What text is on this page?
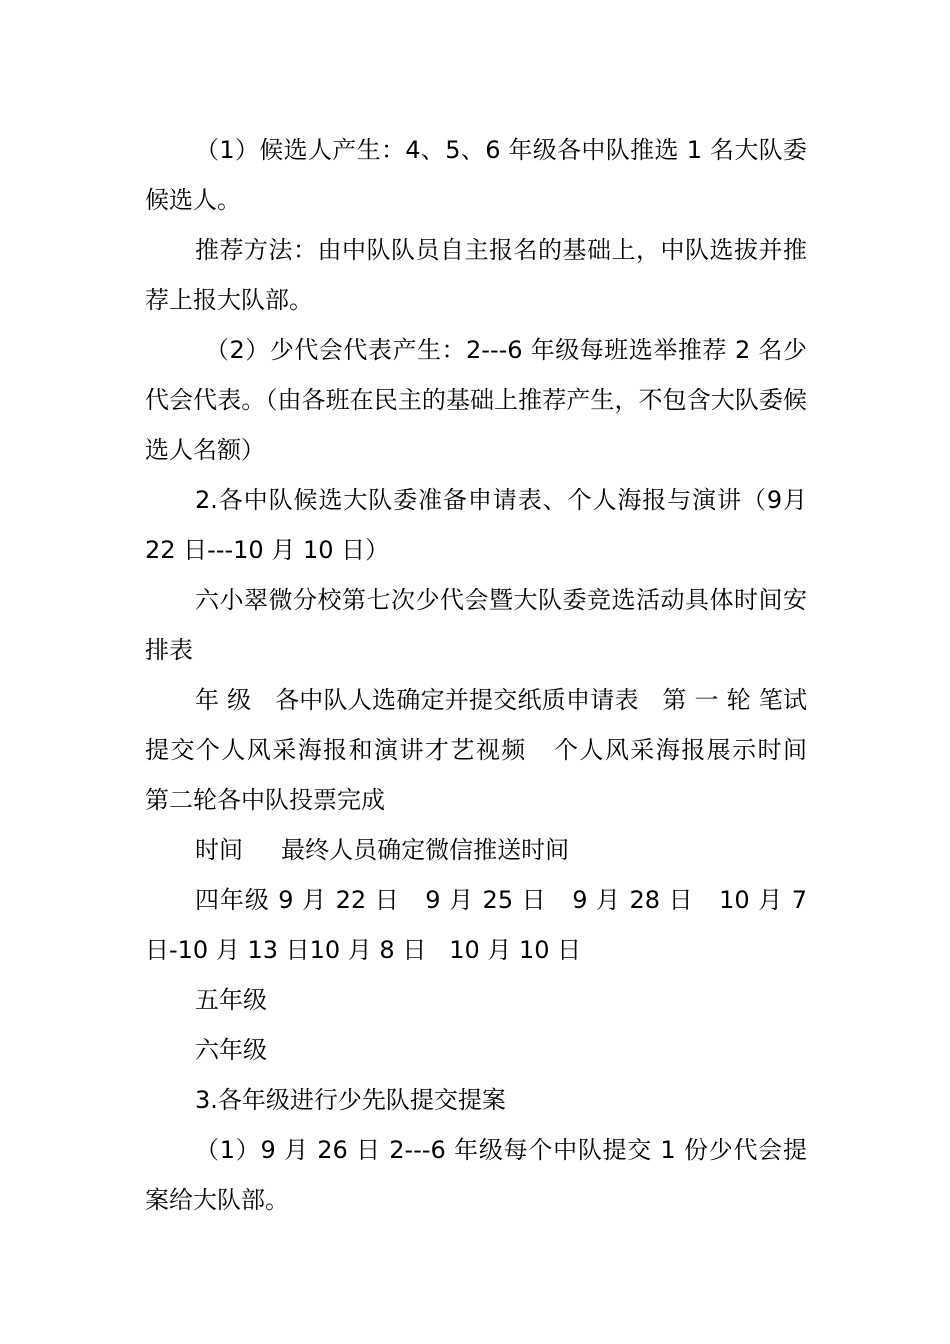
（1）候选人产生：4、5、6 年级各中队推选 1 名大队委候选人。

推荐方法：由中队队员自主报名的基础上，中队选拔并推荐上报大队部。

（2）少代会代表产生：2---6 年级每班选举推荐 2 名少代会代表。（由各班在民主的基础上推荐产生，不包含大队委候选人名额）

2.各中队候选大队委准备申请表、个人海报与演讲（9月 22 日---10 月 10 日）

六小翠微分校第七次少代会暨大队委竞选活动具体时间安排表

年 级   各中队人选确定并提交纸质申请表   第 一 轮 笔试 提交个人风采海报和演讲才艺视频   个人风采海报展示时间  第二轮各中队投票完成

时间     最终人员确定微信推送时间

四年级 9 月 22 日   9 月 25 日   9 月 28 日   10 月 7 日-10 月 13 日10 月 8 日   10 月 10 日

五年级

六年级

3.各年级进行少先队提交提案

（1）9 月 26 日 2---6 年级每个中队提交 1 份少代会提案给大队部。
